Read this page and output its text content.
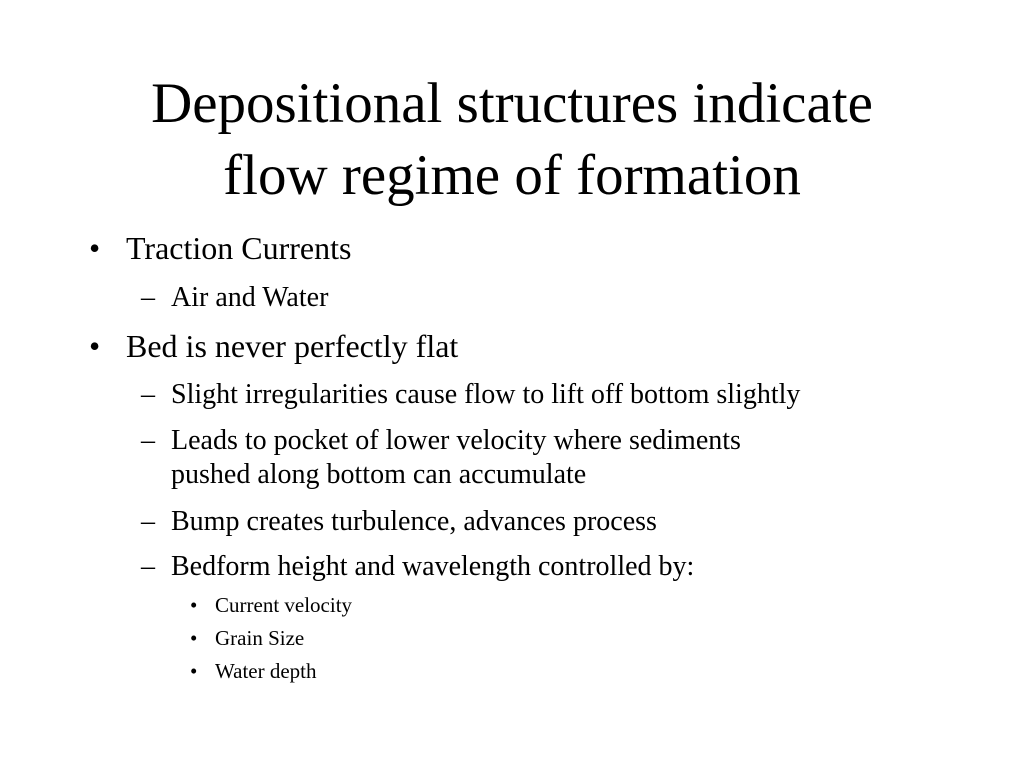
Depositional structures indicate
flow regime of formation
• Traction Currents
– Air and Water
• Bed is never perfectly flat
– Slight irregularities cause flow to lift off bottom slightly
– Leads to pocket of lower velocity where sediments
pushed along bottom can accumulate
– Bump creates turbulence, advances process
– Bedform height and wavelength controlled by:
• Current velocity
• Grain Size
• Water depth
